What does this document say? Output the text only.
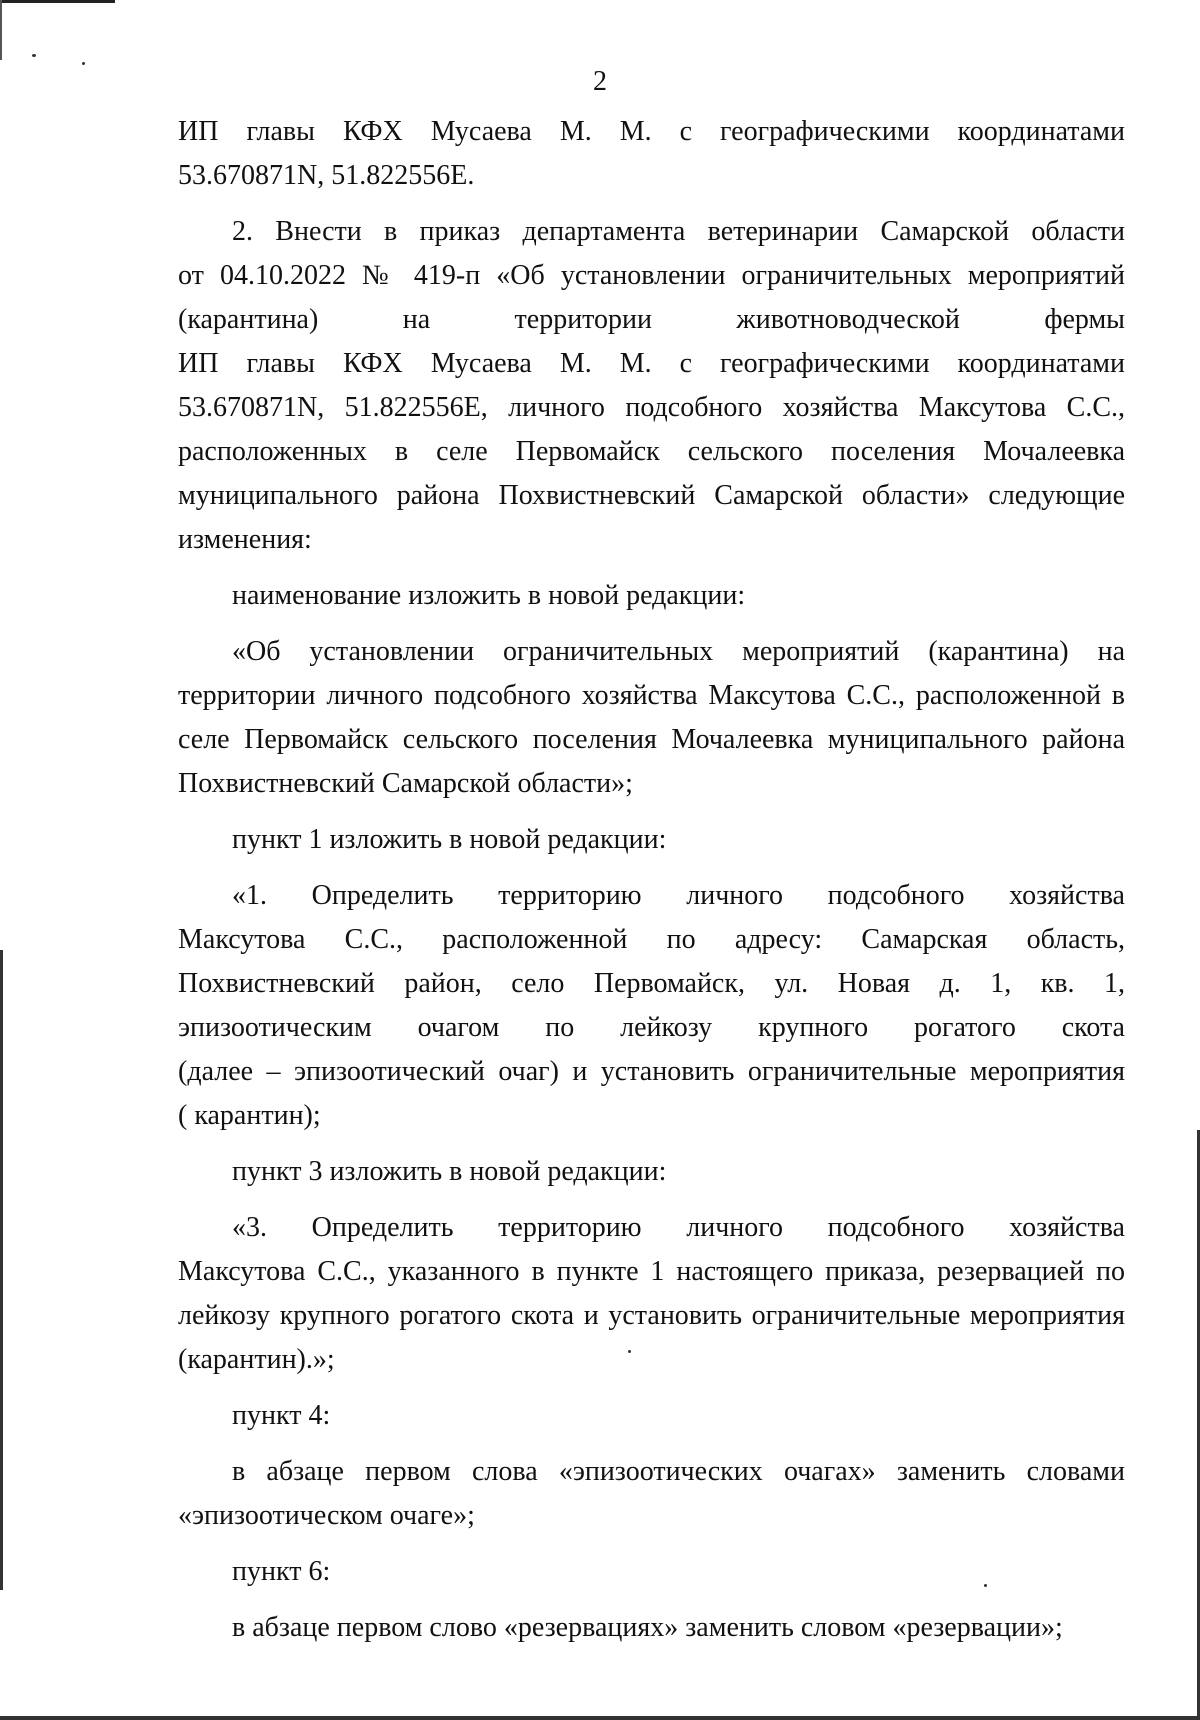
2
ИП главы КФХ Мусаева М. М. с географическими координатами
53.670871N, 51.822556E.
2. Внести в приказ департамента ветеринарии Самарской области
от 04.10.2022 № 419-п «Об установлении ограничительных мероприятий
(карантина) на территории животноводческой фермы
ИП главы КФХ Мусаева М. М. с географическими координатами
53.670871N, 51.822556E, личного подсобного хозяйства Максутова С.С.,
расположенных в селе Первомайск сельского поселения Мочалеевка
муниципального района Похвистневский Самарской области» следующие
изменения:
наименование изложить в новой редакции:
«Об установлении ограничительных мероприятий (карантина) на
территории личного подсобного хозяйства Максутова С.С., расположенной в
селе Первомайск сельского поселения Мочалеевка муниципального района
Похвистневский Самарской области»;
пункт 1 изложить в новой редакции:
«1. Определить территорию личного подсобного хозяйства
Максутова С.С., расположенной по адресу: Самарская область,
Похвистневский район, село Первомайск, ул. Новая д. 1, кв. 1,
эпизоотическим очагом по лейкозу крупного рогатого скота
(далее – эпизоотический очаг) и установить ограничительные мероприятия
( карантин);
пункт 3 изложить в новой редакции:
«3. Определить территорию личного подсобного хозяйства
Максутова С.С., указанного в пункте 1 настоящего приказа, резервацией по
лейкозу крупного рогатого скота и установить ограничительные мероприятия
(карантин).»;
пункт 4:
в абзаце первом слова «эпизоотических очагах» заменить словами
«эпизоотическом очаге»;
пункт 6:
в абзаце первом слово «резервациях» заменить словом «резервации»;
